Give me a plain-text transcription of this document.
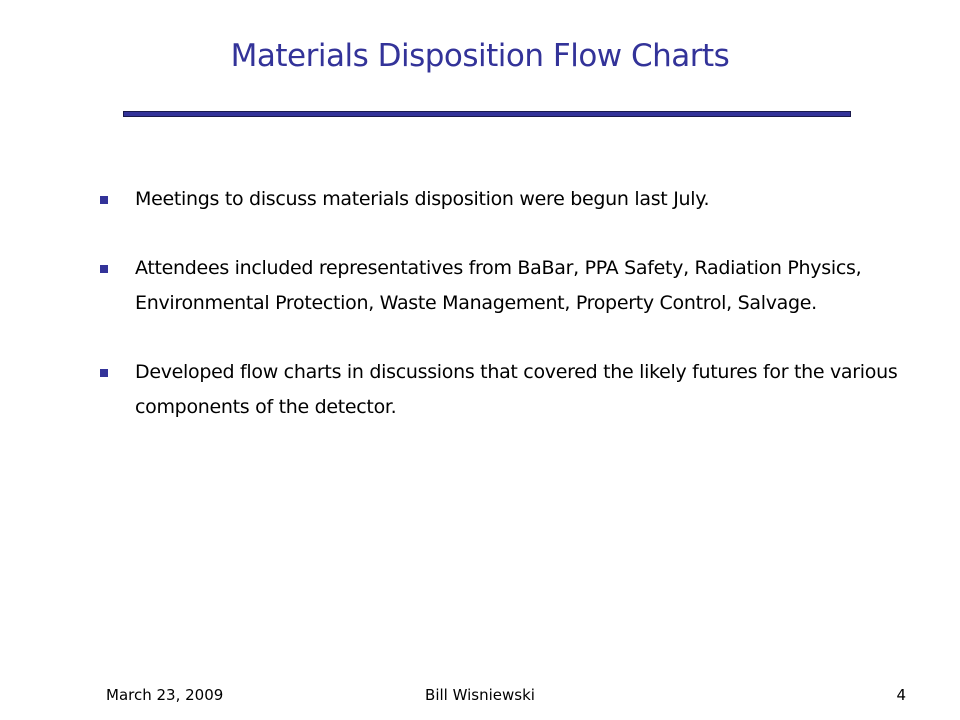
Materials Disposition Flow Charts
Meetings to discuss materials disposition were begun last July.
Attendees included representatives from BaBar, PPA Safety, Radiation Physics, Environmental Protection, Waste Management, Property Control, Salvage.
Developed flow charts in discussions that covered the likely futures for the various components of the detector.
March 23, 2009	Bill Wisniewski	4
